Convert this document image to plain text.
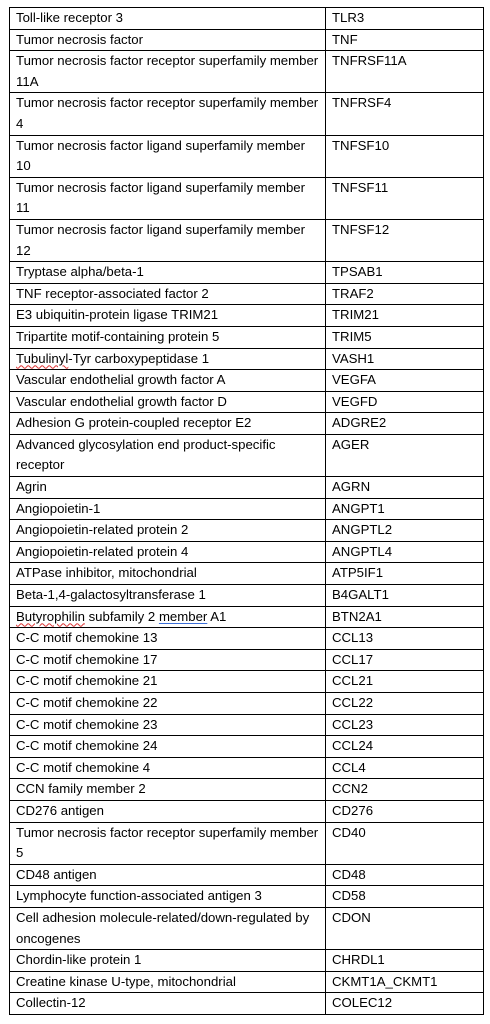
Toll-like receptor 3	TLR3
Tumor necrosis factor	TNF
Tumor necrosis factor receptor superfamily member 11A	TNFRSF11A
Tumor necrosis factor receptor superfamily member 4	TNFRSF4
Tumor necrosis factor ligand superfamily member 10	TNFSF10
Tumor necrosis factor ligand superfamily member 11	TNFSF11
Tumor necrosis factor ligand superfamily member 12	TNFSF12
Tryptase alpha/beta-1	TPSAB1
TNF receptor-associated factor 2	TRAF2
E3 ubiquitin-protein ligase TRIM21	TRIM21
Tripartite motif-containing protein 5	TRIM5
Tubulinyl-Tyr carboxypeptidase 1	VASH1
Vascular endothelial growth factor A	VEGFA
Vascular endothelial growth factor D	VEGFD
Adhesion G protein-coupled receptor E2	ADGRE2
Advanced glycosylation end product-specific receptor	AGER
Agrin	AGRN
Angiopoietin-1	ANGPT1
Angiopoietin-related protein 2	ANGPTL2
Angiopoietin-related protein 4	ANGPTL4
ATPase inhibitor, mitochondrial	ATP5IF1
Beta-1,4-galactosyltransferase 1	B4GALT1
Butyrophilin subfamily 2 member A1	BTN2A1
C-C motif chemokine 13	CCL13
C-C motif chemokine 17	CCL17
C-C motif chemokine 21	CCL21
C-C motif chemokine 22	CCL22
C-C motif chemokine 23	CCL23
C-C motif chemokine 24	CCL24
C-C motif chemokine 4	CCL4
CCN family member 2	CCN2
CD276 antigen	CD276
Tumor necrosis factor receptor superfamily member 5	CD40
CD48 antigen	CD48
Lymphocyte function-associated antigen 3	CD58
Cell adhesion molecule-related/down-regulated by oncogenes	CDON
Chordin-like protein 1	CHRDL1
Creatine kinase U-type, mitochondrial	CKMT1A_CKMT1
Collectin-12	COLEC12
